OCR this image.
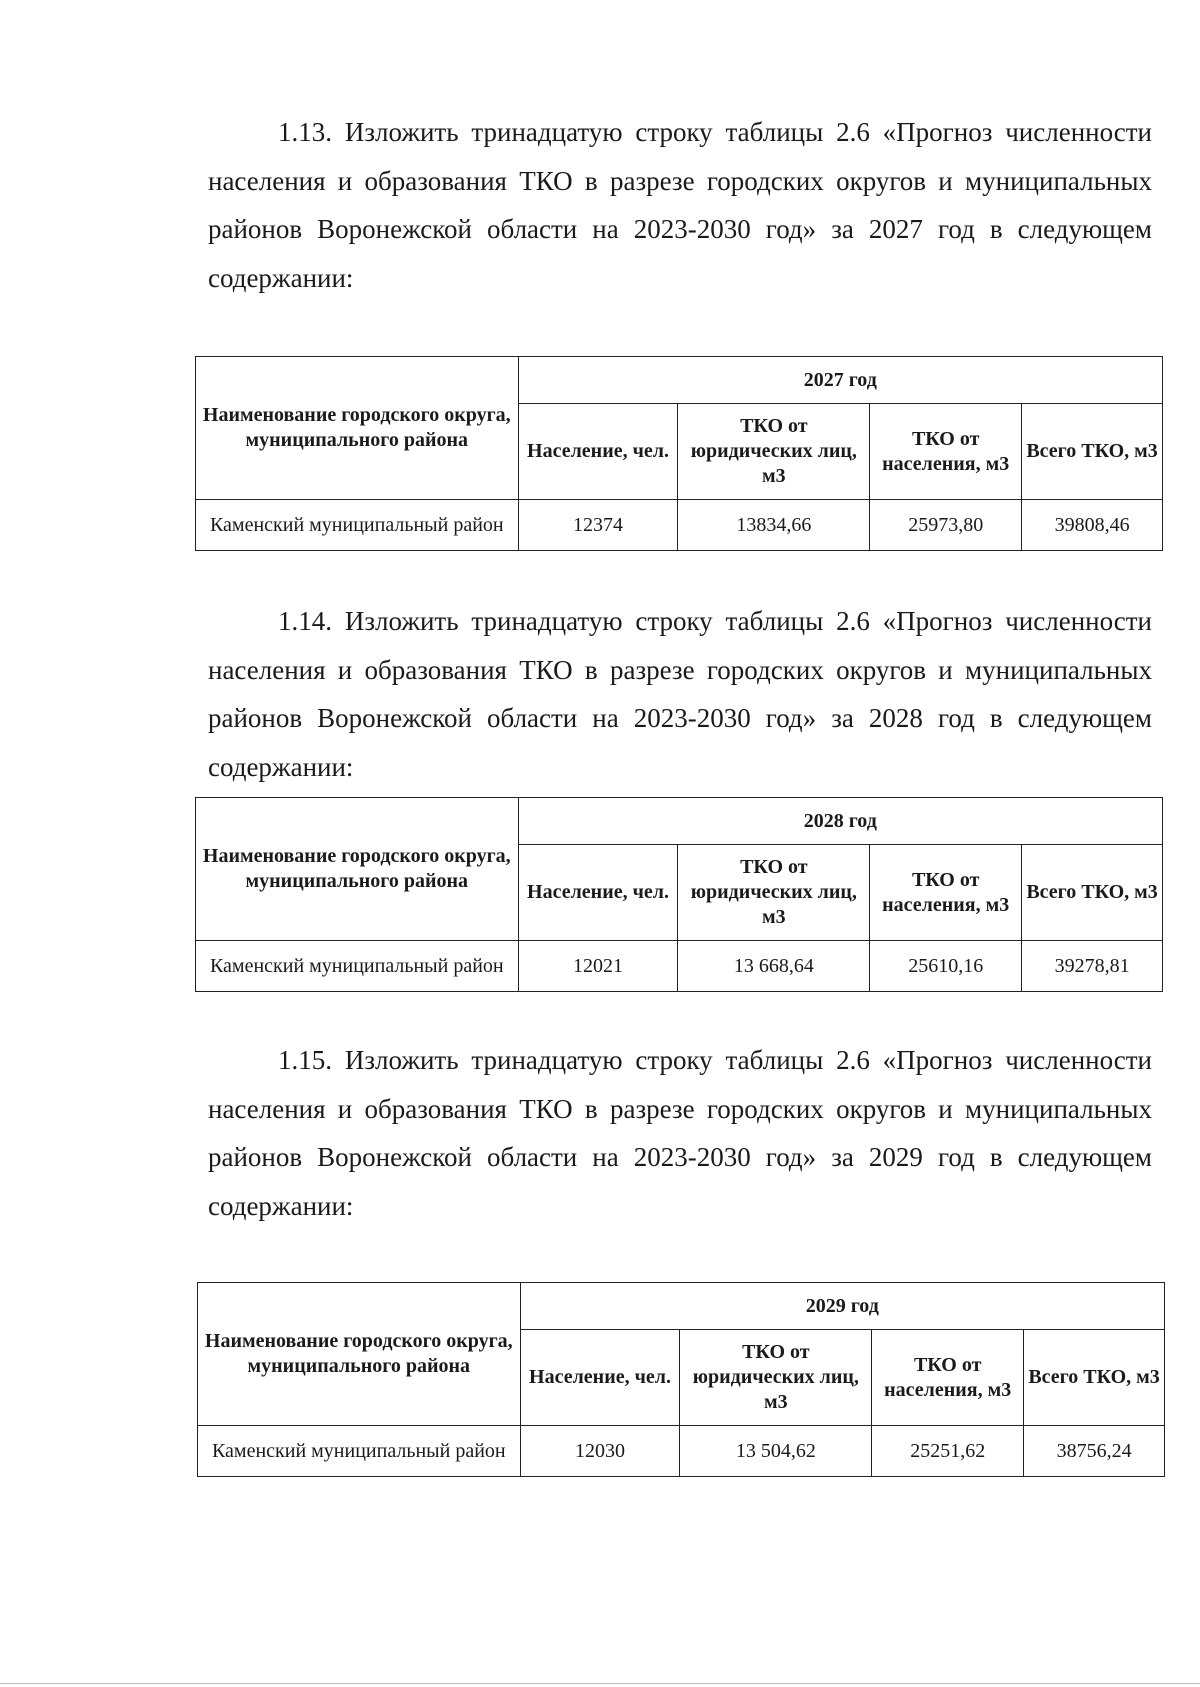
1.13. Изложить тринадцатую строку таблицы 2.6 «Прогноз численности населения и образования ТКО в разрезе городских округов и муниципальных районов Воронежской области на 2023-2030 год» за 2027 год в следующем содержании:

Наименование городского округа, муниципального района	2027 год			
	Население, чел.	ТКО от юридических лиц, м3	ТКО от населения, м3	Всего ТКО, м3
Каменский муниципальный район	12374	13834,66	25973,80	39808,46

1.14. Изложить тринадцатую строку таблицы 2.6 «Прогноз численности населения и образования ТКО в разрезе городских округов и муниципальных районов Воронежской области на 2023-2030 год» за 2028 год в следующем содержании:

Наименование городского округа, муниципального района	2028 год			
	Население, чел.	ТКО от юридических лиц, м3	ТКО от населения, м3	Всего ТКО, м3
Каменский муниципальный район	12021	13 668,64	25610,16	39278,81

1.15. Изложить тринадцатую строку таблицы 2.6 «Прогноз численности населения и образования ТКО в разрезе городских округов и муниципальных районов Воронежской области на 2023-2030 год» за 2029 год в следующем содержании:

Наименование городского округа, муниципального района	2029 год			
	Население, чел.	ТКО от юридических лиц, м3	ТКО от населения, м3	Всего ТКО, м3
Каменский муниципальный район	12030	13 504,62	25251,62	38756,24
